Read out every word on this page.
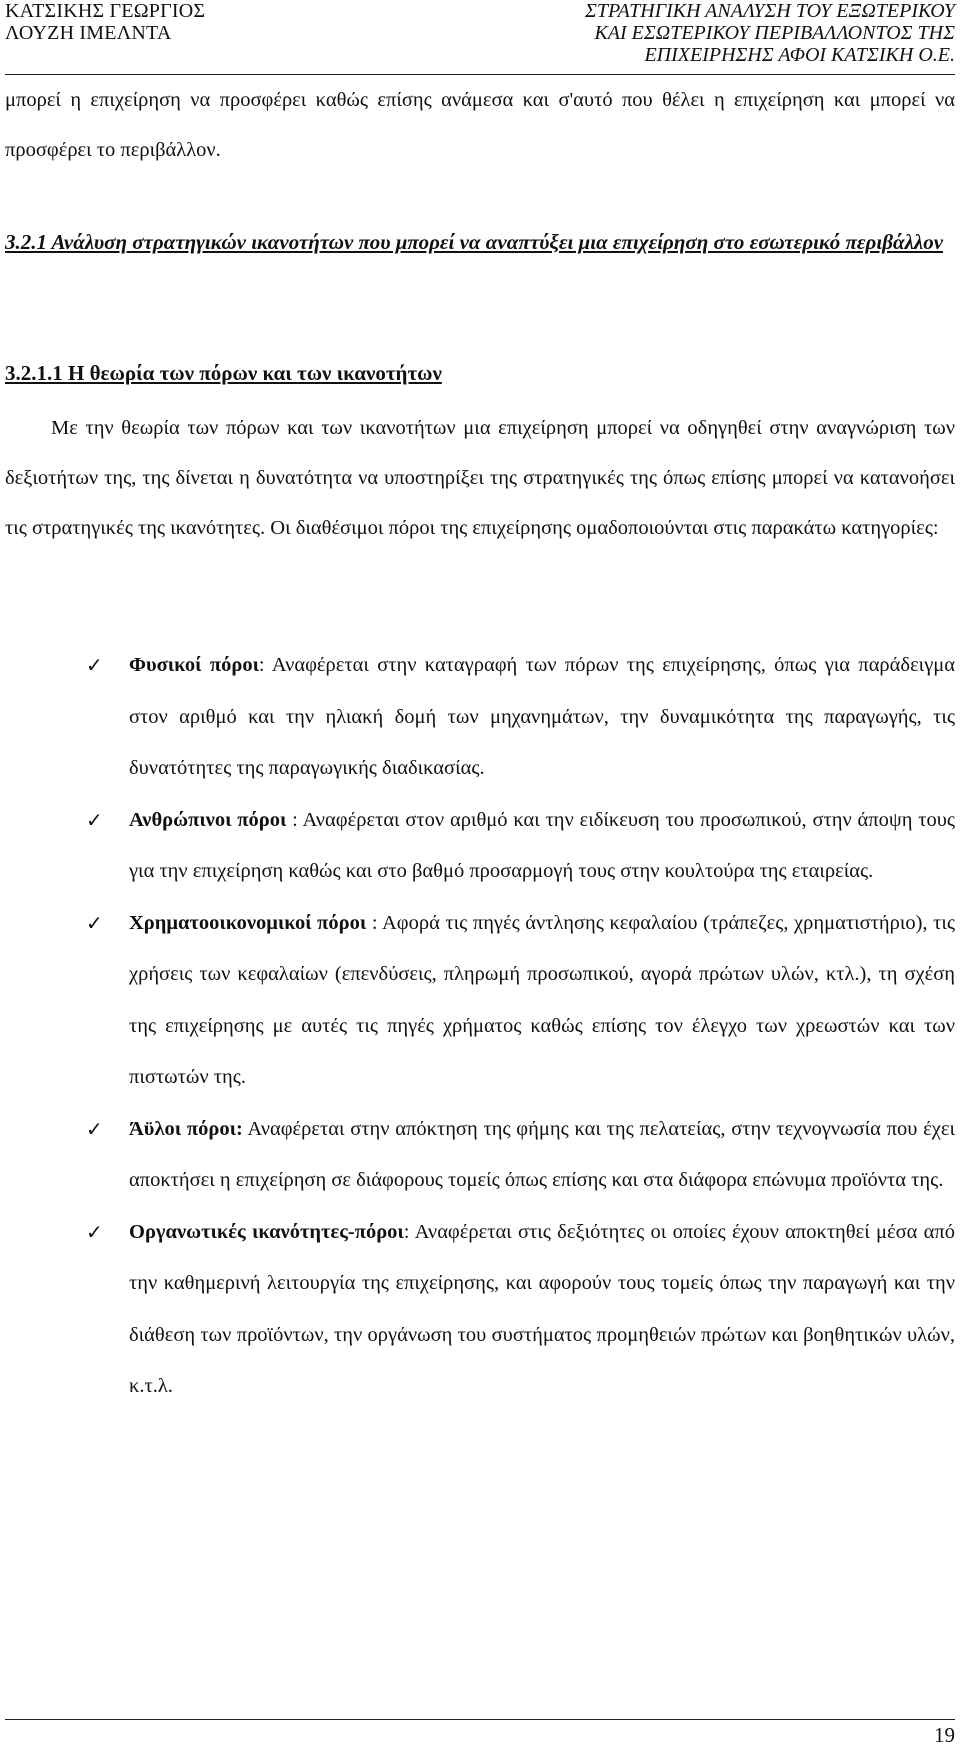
ΚΑΤΣΙΚΗΣ ΓΕΩΡΓΙΟΣ
ΛΟΥΖΗ ΙΜΕΛΝΤΑ
ΣΤΡΑΤΗΓΙΚΗ ΑΝΑΛΥΣΗ ΤΟΥ ΕΞΩΤΕΡΙΚΟΥ
ΚΑΙ ΕΣΩΤΕΡΙΚΟΥ ΠΕΡΙΒΑΛΛΟΝΤΟΣ ΤΗΣ
ΕΠΙΧΕΙΡΗΣΗΣ ΑΦΟΙ ΚΑΤΣΙΚΗ Ο.Ε.
μπορεί η επιχείρηση να προσφέρει καθώς επίσης ανάμεσα και σ'αυτό που θέλει η επιχείρηση και μπορεί να προσφέρει το περιβάλλον.
3.2.1 Ανάλυση στρατηγικών ικανοτήτων που μπορεί να αναπτύξει μια επιχείρηση στο εσωτερικό περιβάλλον
3.2.1.1 Η θεωρία των πόρων και των ικανοτήτων
Με την θεωρία των πόρων και των ικανοτήτων μια επιχείρηση μπορεί να οδηγηθεί στην αναγνώριση των δεξιοτήτων της, της δίνεται η δυνατότητα να υποστηρίξει της στρατηγικές της όπως επίσης μπορεί να κατανοήσει τις στρατηγικές της ικανότητες. Οι διαθέσιμοι πόροι της επιχείρησης ομαδοποιούνται στις παρακάτω κατηγορίες:
✓ Φυσικοί πόροι: Αναφέρεται στην καταγραφή των πόρων της επιχείρησης, όπως για παράδειγμα στον αριθμό και την ηλιακή δομή των μηχανημάτων, την δυναμικότητα της παραγωγής, τις δυνατότητες της παραγωγικής διαδικασίας.
✓ Ανθρώπινοι πόροι : Αναφέρεται στον αριθμό και την ειδίκευση του προσωπικού, στην άποψη τους για την επιχείρηση καθώς και στο βαθμό προσαρμογή τους στην κουλτούρα της εταιρείας.
✓ Χρηματοοικονομικοί πόροι : Αφορά τις πηγές άντλησης κεφαλαίου (τράπεζες, χρηματιστήριο), τις χρήσεις των κεφαλαίων (επενδύσεις, πληρωμή προσωπικού, αγορά πρώτων υλών, κτλ.), τη σχέση της επιχείρησης με αυτές τις πηγές χρήματος καθώς επίσης τον έλεγχο των χρεωστών και των πιστωτών της.
✓ Άϋλοι πόροι: Αναφέρεται στην απόκτηση της φήμης και της πελατείας, στην τεχνογνωσία που έχει αποκτήσει η επιχείρηση σε διάφορους τομείς όπως επίσης και στα διάφορα επώνυμα προϊόντα της.
✓ Οργανωτικές ικανότητες-πόροι: Αναφέρεται στις δεξιότητες οι οποίες έχουν αποκτηθεί μέσα από την καθημερινή λειτουργία της επιχείρησης, και αφορούν τους τομείς όπως την παραγωγή και την διάθεση των προϊόντων, την οργάνωση του συστήματος προμηθειών πρώτων και βοηθητικών υλών, κ.τ.λ.
19
